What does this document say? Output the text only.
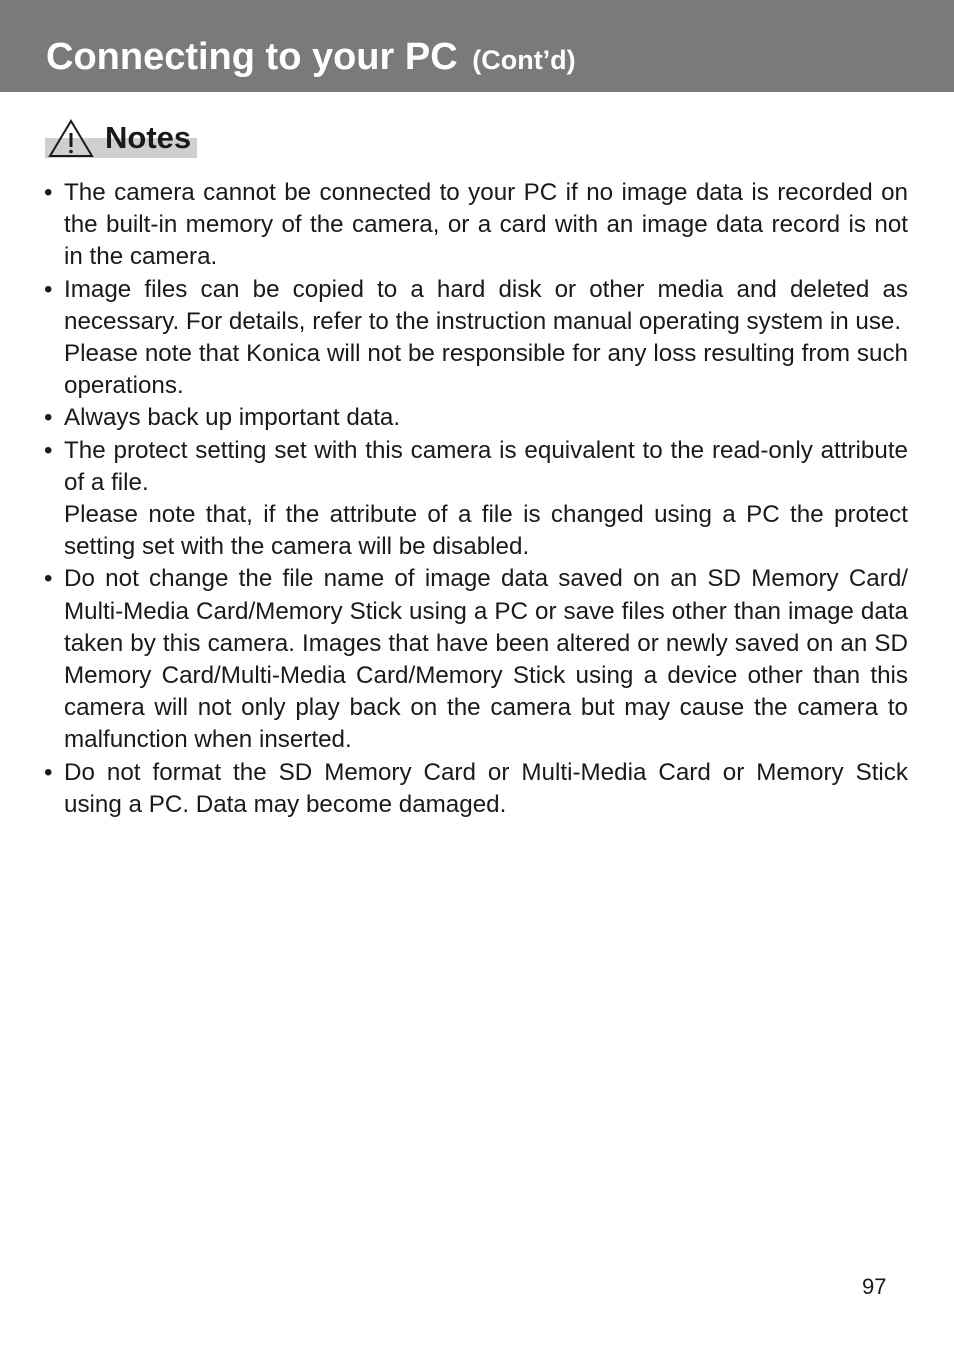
Connecting to your PC (Cont’d)
Notes
• The camera cannot be connected to your PC if no image data is recorded on the built-in memory of the camera, or a card with an image data record is not in the camera.

• Image files can be copied to a hard disk or other media and deleted as necessary. For details, refer to the instruction manual operating system in use.

Please note that Konica will not be responsible for any loss resulting from such operations.

• Always back up important data.

• The protect setting set with this camera is equivalent to the read-only attribute of a file.

Please note that, if the attribute of a file is changed using a PC the protect setting set with the camera will be disabled.

• Do not change the file name of image data saved on an SD Memory Card/ Multi-Media Card/Memory Stick using a PC or save files other than image data taken by this camera. Images that have been altered or newly saved on an SD Memory Card/Multi-Media Card/Memory Stick using a device other than this camera will not only play back on the camera but may cause the camera to malfunction when inserted.

• Do not format the SD Memory Card or Multi-Media Card or Memory Stick using a PC. Data may become damaged.

97
